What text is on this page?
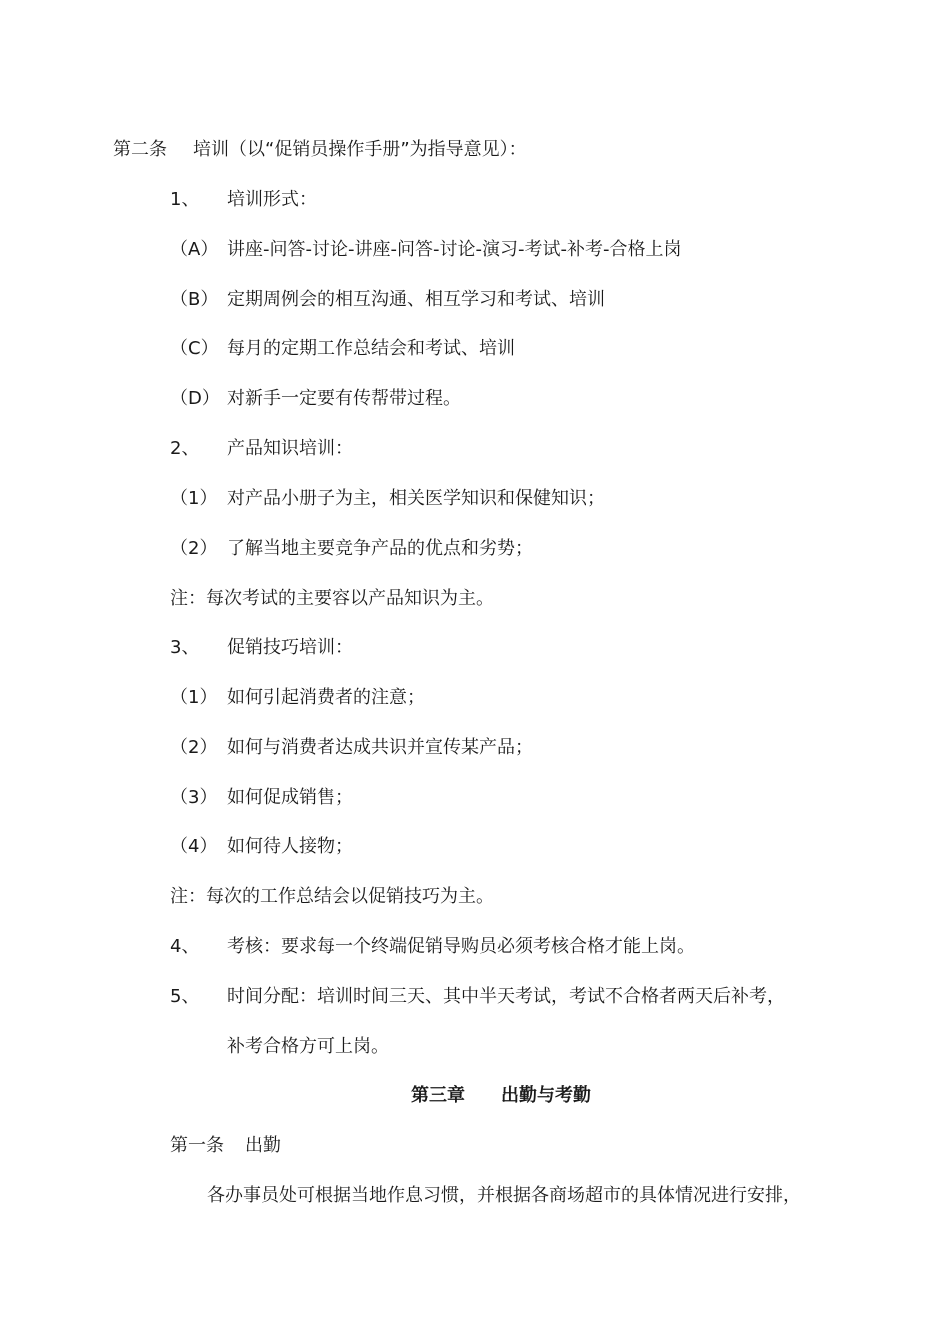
第二条 培训（以“促销员操作手册”为指导意见）：
1、 培训形式：
（A） 讲座-问答-讨论-讲座-问答-讨论-演习-考试-补考-合格上岗
（B） 定期周例会的相互沟通、相互学习和考试、培训
（C） 每月的定期工作总结会和考试、培训
（D） 对新手一定要有传帮带过程。
2、 产品知识培训：
（1） 对产品小册子为主，相关医学知识和保健知识；
（2） 了解当地主要竞争产品的优点和劣势；
注：每次考试的主要容以产品知识为主。
3、 促销技巧培训：
（1） 如何引起消费者的注意；
（2） 如何与消费者达成共识并宣传某产品；
（3） 如何促成销售；
（4） 如何待人接物；
注：每次的工作总结会以促销技巧为主。
4、 考核：要求每一个终端促销导购员必须考核合格才能上岗。
5、 时间分配：培训时间三天、其中半天考试，考试不合格者两天后补考，
补考合格方可上岗。
第三章 出勤与考勤
第一条 出勤
各办事员处可根据当地作息习惯，并根据各商场超市的具体情况进行安排，
